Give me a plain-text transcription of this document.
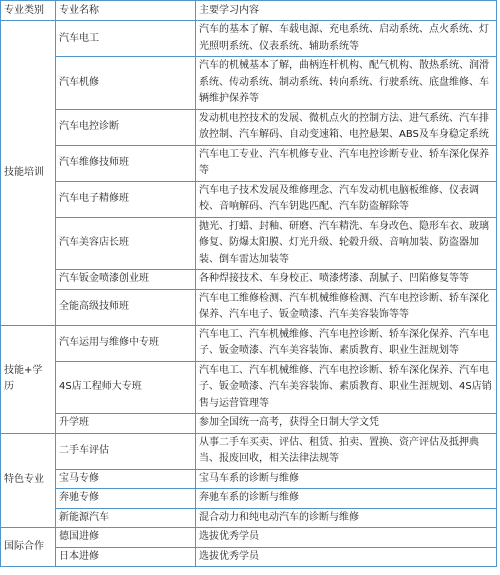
专业类别	专业名称	主要学习内容
技能培训	汽车电工	汽车的基本了解、车载电源、充电系统、启动系统、点火系统、灯光照明系统、仪表系统、辅助系统等
	汽车机修	汽车的机械基本了解，曲柄连杆机构、配气机构、散热系统、润滑系统、传动系统、制动系统、转向系统、行驶系统、底盘维修、车辆维护保养等
	汽车电控诊断	发动机电控技术的发展、微机点火的控制方法、进气系统、汽车排放控制、汽车解码、自动变速箱、电控悬架、ABS及车身稳定系统
	汽车维修技师班	汽车电工专业、汽车机修专业、汽车电控诊断专业、轿车深化保养等
	汽车电子精修班	汽车电子技术发展及维修理念、汽车发动机电脑板维修、仪表调校、音响解码、汽车钥匙匹配、汽车防盗解除等
	汽车美容店长班	抛光、打蜡、封釉、研磨、汽车精洗、车身改色、隐形车衣、玻璃修复、防爆太阳膜、灯光升级、轮毂升级、音响加装、防盗器加装、倒车雷达加装等
	汽车钣金喷漆创业班	各种焊接技术、车身校正、喷漆烤漆、刮腻子、凹陷修复等等
	全能高级技师班	汽车电工维修检测、汽车机械维修检测、汽车电控诊断、轿车深化保养、汽车电子、钣金喷漆、汽车美容装饰等等
技能+学历	汽车运用与维修中专班	汽车电工、汽车机械维修、汽车电控诊断、轿车深化保养、汽车电子、钣金喷漆、汽车美容装饰、素质教育、职业生涯规划等
	4S店工程师大专班	汽车电工、汽车机械维修、汽车电控诊断、轿车深化保养、汽车电子、钣金喷漆、汽车美容装饰、素质教育、职业生涯规划、4S店销售与运营管理等
	升学班	参加全国统一高考，获得全日制大学文凭
特色专业	二手车评估	从事二手车买卖、评估、租赁、拍卖、置换、资产评估及抵押典当、报废回收，相关法律法规等
	宝马专修	宝马车系的诊断与维修
	奔驰专修	奔驰车系的诊断与维修
	新能源汽车	混合动力和纯电动汽车的诊断与维修
国际合作	德国进修	选拔优秀学员
	日本进修	选拔优秀学员
